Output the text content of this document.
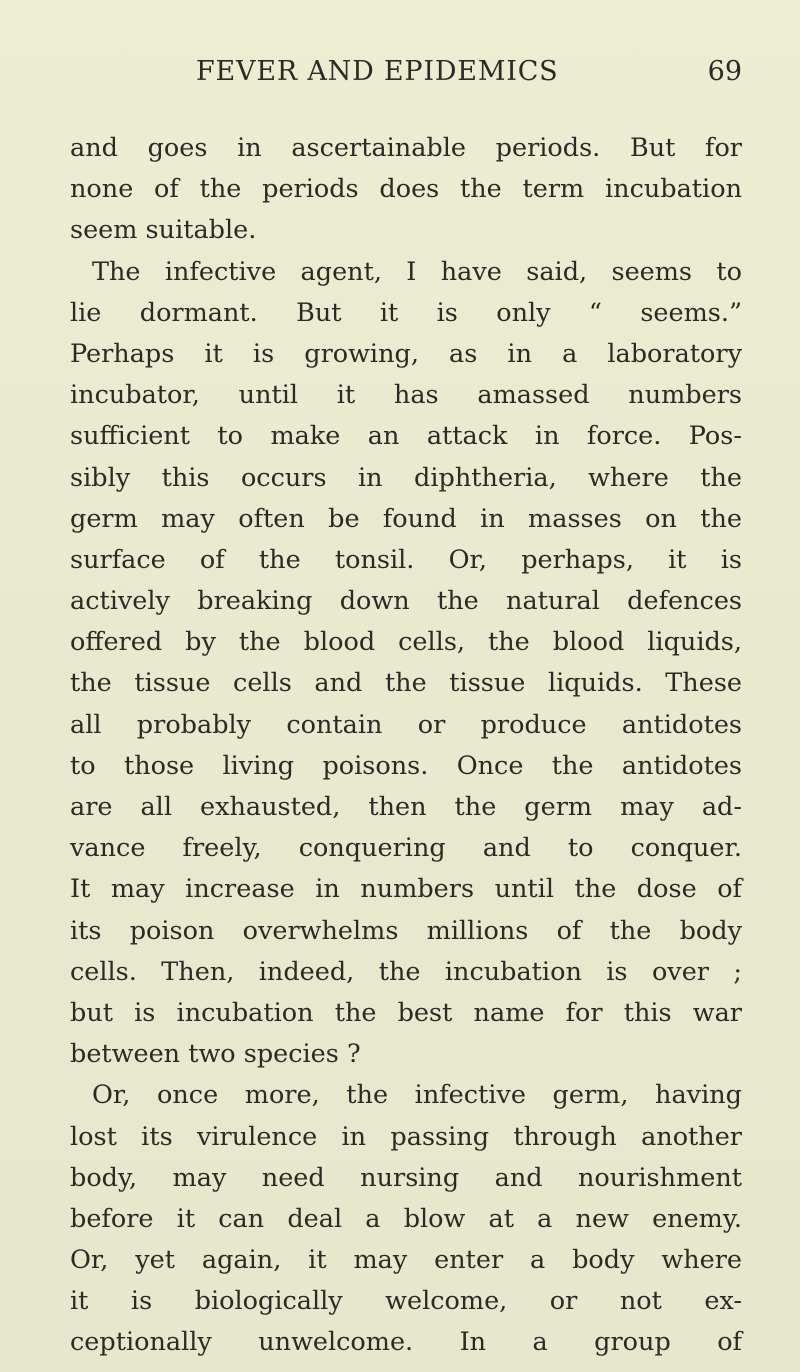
FEVER AND EPIDEMICS	69
and goes in ascertainable periods. But for
none of the periods does the term incubation
seem suitable.
The infective agent, I have said, seems to
lie dormant. But it is only “ seems.”
Perhaps it is growing, as in a laboratory
incubator, until it has amassed numbers
sufficient to make an attack in force. Pos-
sibly this occurs in diphtheria, where the
germ may often be found in masses on the
surface of the tonsil. Or, perhaps, it is
actively breaking down the natural defences
offered by the blood cells, the blood liquids,
the tissue cells and the tissue liquids. These
all probably contain or produce antidotes
to those living poisons. Once the antidotes
are all exhausted, then the germ may ad-
vance freely, conquering and to conquer.
It may increase in numbers until the dose of
its poison overwhelms millions of the body
cells. Then, indeed, the incubation is over ;
but is incubation the best name for this war
between two species ?
Or, once more, the infective germ, having
lost its virulence in passing through another
body, may need nursing and nourishment
before it can deal a blow at a new enemy.
Or, yet again, it may enter a body where
it is biologically welcome, or not ex-
ceptionally unwelcome. In a group of
